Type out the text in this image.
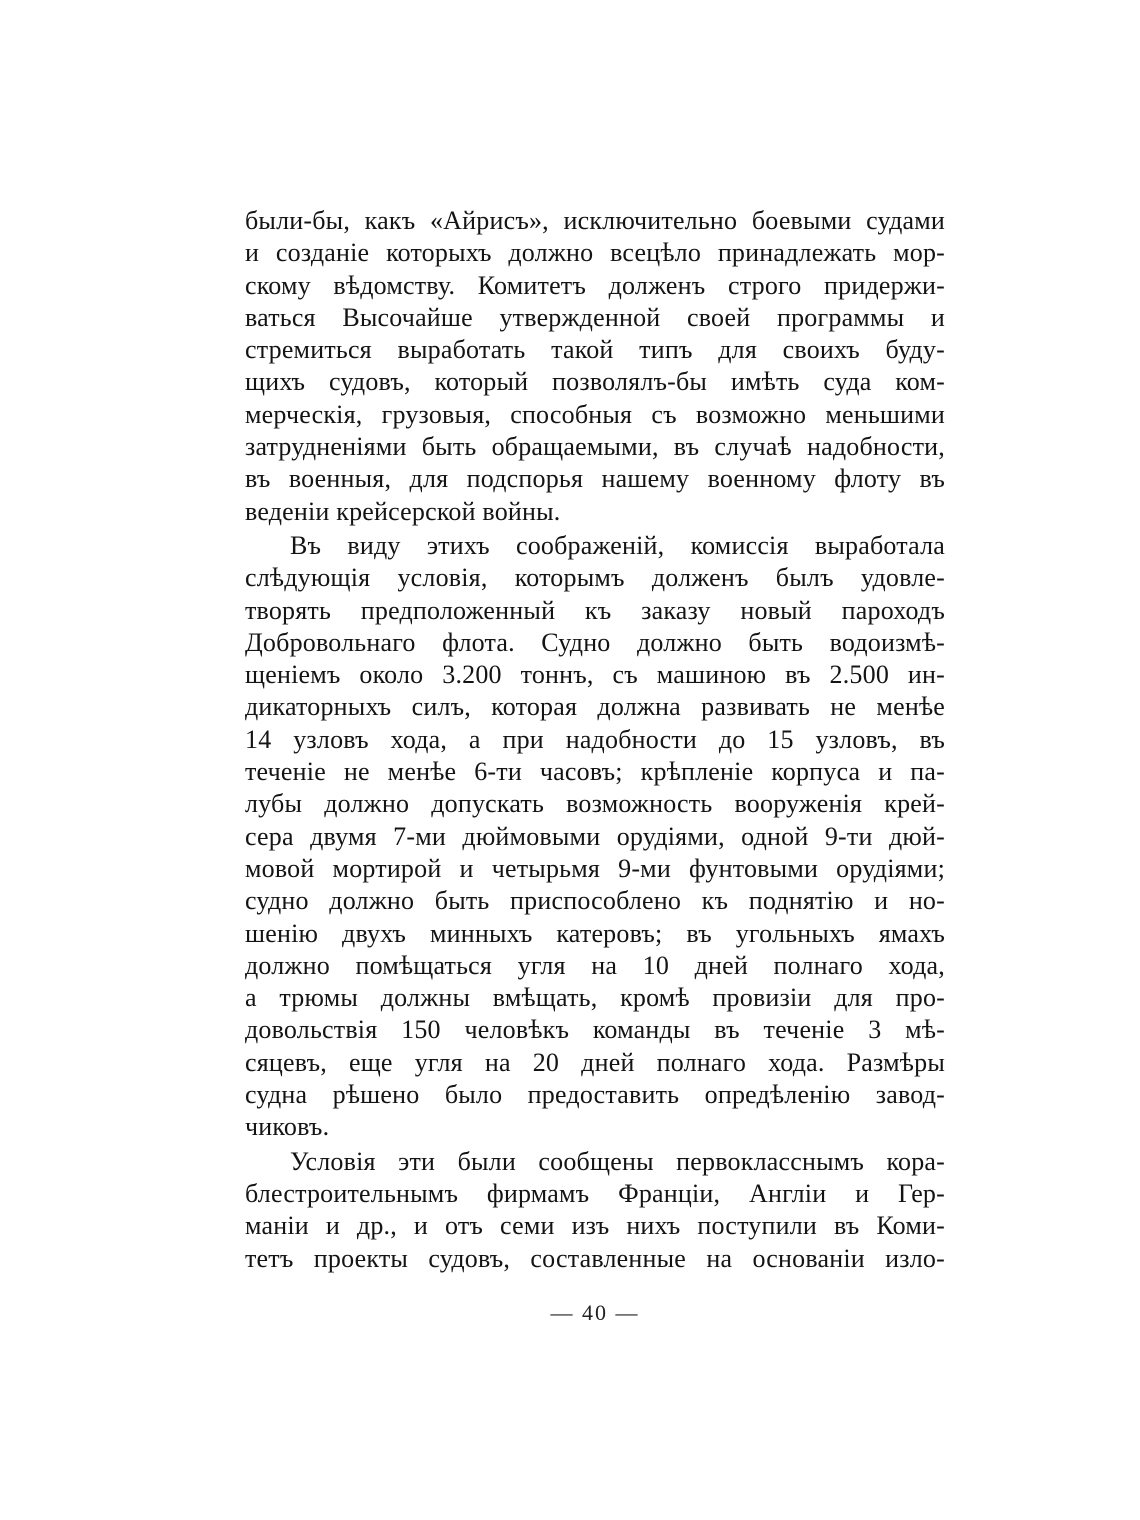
были-бы, какъ «Айрисъ», исключительно боевыми судами
и созданіе которыхъ должно всецѣло принадлежать мор-
скому вѣдомству. Комитетъ долженъ строго придержи-
ваться Высочайше утвержденной своей программы и
стремиться выработать такой типъ для своихъ буду-
щихъ судовъ, который позволялъ-бы имѣть суда ком-
мерческія, грузовыя, способныя съ возможно меньшими
затрудненіями быть обращаемыми, въ случаѣ надобности,
въ военныя, для подспорья нашему военному флоту въ
веденіи крейсерской войны.
Въ виду этихъ соображеній, комиссія выработала
слѣдующія условія, которымъ долженъ былъ удовле-
творять предположенный къ заказу новый пароходъ
Добровольнаго флота. Судно должно быть водоизмѣ-
щеніемъ около 3.200 тоннъ, съ машиною въ 2.500 ин-
дикаторныхъ силъ, которая должна развивать не менѣе
14 узловъ хода, а при надобности до 15 узловъ, въ
теченіе не менѣе 6-ти часовъ; крѣпленіе корпуса и па-
лубы должно допускать возможность вооруженія крей-
сера двумя 7-ми дюймовыми орудіями, одной 9-ти дюй-
мовой мортирой и четырьмя 9-ми фунтовыми орудіями;
судно должно быть приспособлено къ поднятію и но-
шенію двухъ минныхъ катеровъ; въ угольныхъ ямахъ
должно помѣщаться угля на 10 дней полнаго хода,
а трюмы должны вмѣщать, кромѣ провизіи для про-
довольствія 150 человѣкъ команды въ теченіе 3 мѣ-
сяцевъ, еще угля на 20 дней полнаго хода. Размѣры
судна рѣшено было предоставить опредѣленію завод-
чиковъ.
Условія эти были сообщены первокласснымъ кора-
блестроительнымъ фирмамъ Франціи, Англіи и Гер-
маніи и др., и отъ семи изъ нихъ поступили въ Коми-
тетъ проекты судовъ, составленные на основаніи изло-
— 40 —
